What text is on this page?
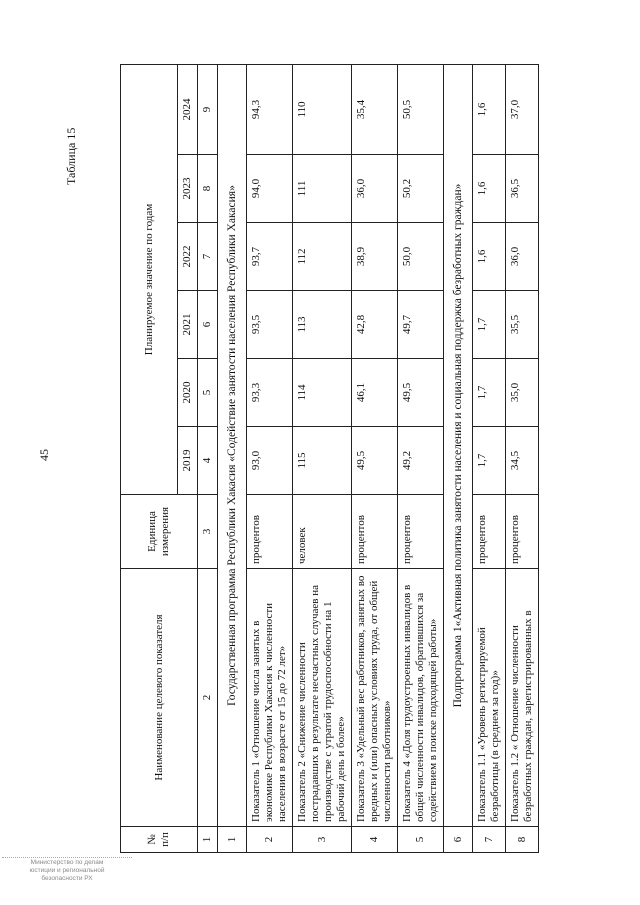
45
Таблица 15
№ п/п	Наименование целевого показателя	Единица измерения	Планируемое значение по годам					
			2019	2020	2021	2022	2023	2024
1	2	3	4	5	6	7	8	9
1	Государственная программа Республики Хакасия «Содействие занятости населения Республики Хакасия»							
2	Показатель 1 «Отношение числа занятых в экономике Республики Хакасия к численности населения в возрасте от 15 до 72 лет»	процентов	93,0	93,3	93,5	93,7	94,0	94,3
3	Показатель 2 «Снижение численности пострадавших в результате несчастных случаев на производстве с утратой трудоспособности на 1 рабочий день и более»	человек	115	114	113	112	111	110
4	Показатель 3 «Удельный вес работников, занятых во вредных и (или) опасных условиях труда, от общей численности работников»	процентов	49,5	46,1	42,8	38,9	36,0	35,4
5	Показатель 4 «Доля трудоустроенных инвалидов в общей численности инвалидов, обратившихся за содействием в поиске подходящей работы»	процентов	49,2	49,5	49,7	50,0	50,2	50,5
6	Подпрограмма 1«Активная политика занятости населения и социальная поддержка безработных граждан»							
7	Показатель 1.1 «Уровень регистрируемой безработицы (в среднем за год)»	процентов	1,7	1,7	1,7	1,6	1,6	1,6
8	Показатель 1.2 « Отношение численности безработных граждан, зарегистрированных в	процентов	34,5	35,0	35,5	36,0	36,5	37,0
Министерство по делам
юстиции и региональной
безопасности РХ
